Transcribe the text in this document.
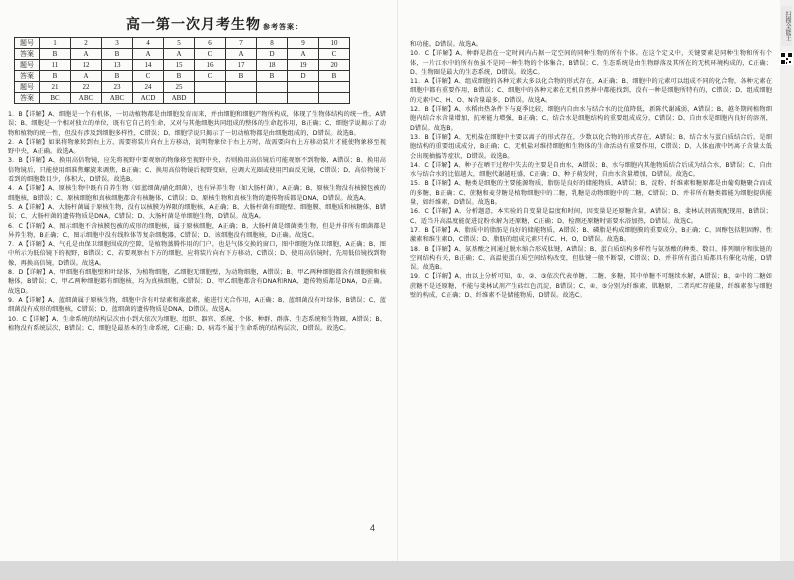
高一第一次月考生物 参考答案：
题号	1	2	3	4	5	6	7	8	9	10
答案	B	A	B	A	A	C	A	D	A	C
题号	11	12	13	14	15	16	17	18	19	20
答案	B	A	B	C	B	C	B	B	D	B
题号	21	22	23	24	25					
答案	BC	ABC	ABC	ACD	ABD					

1．B【详解】A、细胞是一个有机体，一切动植物都是由细胞发育而来，并由细胞和细胞产物所构成，体现了生物体结构的统一性，A错误；B、细胞是一个相对独立的单位，既有它自己的生命，又对与其他细胞共同组成的整体的生命起作用，B正确；C、细胞学说揭示了动物和植物的统一性，但没有涉及到细胞多样性，C错误；D、细胞学说只揭示了一切动植物都是由细胞组成的，D错误。故选B。

2．A【详解】如果将物象转到右上方，需要将装片向右上方移动，说明物象位于右上方时，故需要向右上方移动装片才能使物象移至视野中央，A正确。故选A。

3．B【详解】A、换用高倍物镜，应先将视野中要观察的物像移至视野中央，否则换用高倍镜后可能观察不到物像，A错误；B、换用高倍物镜后，只能使用细准焦螺旋来调焦，B正确；C、换用高倍物镜后视野变暗，应调大光圈或使用凹面反光镜，C错误；D、高倍物镜下看到的细胞数目少，体积大，D错误。故选B。

4．A【详解】A、原核生物中既有自养生物（如蓝细菌/硝化细菌），也有异养生物（如大肠杆菌），A正确；B、原核生物没有核膜包被的细胞核，B错误；C、原核细胞和真核细胞都含有核糖体，C错误；D、原核生物和真核生物的遗传物质都是DNA，D错误。故选A。

5．A【详解】A、大肠杆菌属于原核生物，没有以核膜为界限的细胞核，A正确；B、大肠杆菌有细胞壁、细胞膜、细胞质和核糖体，B错误；C、大肠杆菌的遗传物质是DNA，C错误；D、大肠杆菌是单细胞生物，D错误。故选A。

6．C【详解】A、图示细胞不含核膜包被的成形的细胞核，属于原核细胞，A正确；B、大肠杆菌是细菌类生物，但是并非所有细菌都是异养生物，B正确；C、图示细胞中没有线粒体等复杂细胞器，C错误；D、该细胞没有细胞核，D正确。故选C。

7．A【详解】A、气孔是由保卫细胞围成的空隙，是植物蒸腾作用的门户，也是气体交换的窗口，图中细胞为保卫细胞，A正确；B、图中所示为低倍镜下的视野，B错误；C、若要观察右下方的细胞，应将装片向右下方移动，C错误；D、使用高倍镜时，先用低倍镜找到物像，再换高倍镜，D错误。故选A。

8．D【详解】A、甲细胞有细胞壁和叶绿体，为植物细胞，乙细胞无细胞壁，为动物细胞，A错误；B、甲乙两种细胞都含有细胞膜和核糖体，B错误；C、甲乙两种细胞都有细胞核，均为真核细胞，C错误；D、甲乙细胞都含有DNA和RNA，遗传物质都是DNA，D正确。故选D。

9．A【详解】A、蓝细菌属于原核生物，细胞中含有叶绿素和藻蓝素，能进行光合作用，A正确；B、蓝细菌没有叶绿体，B错误；C、蓝细菌没有成形的细胞核，C错误；D、蓝细菌的遗传物质是DNA，D错误。故选A。

10．C【详解】A、生命系统的结构层次由小到大依次为细胞、组织、器官、系统、个体、种群、群落、生态系统和生物圈，A错误；B、植物没有系统层次，B错误；C、细胞是最基本的生命系统，C正确；D、病毒不属于生命系统的结构层次，D错误。故选C。

和功能。D错误。故选A。

10．C【详解】A、种群是指在一定时间内占据一定空间的同种生物的所有个体。在这个定义中，关键要素是同种生物和所有个体，一片江水中的所有鱼虽不是同一种生物的个体集合，B错误；C、生态系统是由生物群落及其所在的无机环境构成的，C正确；D、生物圈是最大的生态系统，D错误。故选C。

11．A【详解】A、组成细胞的各种元素大多以化合物的形式存在，A正确；B、细胞中的元素可以组成不同的化合物，各种元素在细胞中都有重要作用，B错误；C、细胞中的各种元素在无机自然界中都能找到，没有一种是细胞所特有的，C错误；D、组成细胞的元素中C、H、O、N含量最多，D错误。故选A。

12．B【详解】A、水稻由热条件下与夏季比较，细胞内自由水与结合水的比值降低，新陈代谢减弱，A错误；B、越冬期间植物细胞内结合水含量增加，抗寒能力增强，B正确；C、结合水是细胞结构的重要组成成分，C错误；D、自由水是细胞内良好的溶剂，D错误。故选B。

13．B【详解】A、无机盐在细胞中主要以离子的形式存在，少数以化合物的形式存在，A错误；B、结合水与蛋白质结合后，是细胞结构的重要组成成分，B正确；C、无机盐对维持细胞和生物体的生命活动有重要作用，C错误；D、人体血液中钙离子含量太低会出现抽搐等症状，D错误。故选B。

14．C【详解】A、种子在晒干过程中失去的主要是自由水，A错误；B、水与细胞内其他物质结合后成为结合水，B错误；C、自由水与结合水的比值越大，细胞代谢越旺盛，C正确；D、种子萌发时，自由水含量增加，D错误。故选C。

15．B【详解】A、糖类是细胞的主要能源物质，脂肪是良好的储能物质，A错误；B、淀粉、纤维素和糖原都是由葡萄糖聚合而成的多糖，B正确；C、蔗糖和麦芽糖是植物细胞中的二糖，乳糖是动物细胞中的二糖，C错误；D、并非所有糖类都能为细胞提供能量，如纤维素，D错误。故选B。

16．C【详解】A、分析题意，本实验的自变量是温度和时间，因变量是还原糖含量，A错误；B、斐林试剂需现配现用，B错误；C、适当升高温度能促进淀粉水解为还原糖，C正确；D、检测还原糖时需要水浴加热，D错误。故选C。

17．B【详解】A、脂质中的脂肪是良好的储能物质，A错误；B、磷脂是构成细胞膜的重要成分，B正确；C、固醇包括胆固醇、性激素和维生素D，C错误；D、脂肪的组成元素只有C、H、O，D错误。故选B。

18．B【详解】A、氨基酸之间通过脱水缩合形成肽键，A错误；B、蛋白质结构多样性与氨基酸的种类、数目、排列顺序和肽链的空间结构有关，B正确；C、高温使蛋白质空间结构改变，但肽键一般不断裂，C错误；D、并非所有蛋白质都具有催化功能，D错误。故选B。

19．C【详解】A、由以上分析可知，①、②、③依次代表单糖、二糖、多糖，其中单糖不可继续水解，A错误；B、②中的二糖如蔗糖不是还原糖，不能与斐林试剂产生砖红色沉淀，B错误；C、④、⑤分别为纤维素、肌糖原，二者均贮存能量，纤维素参与细胞壁的构成，C正确；D、纤维素不是储能物质，D错误。故选C。

4
扫描全能王
